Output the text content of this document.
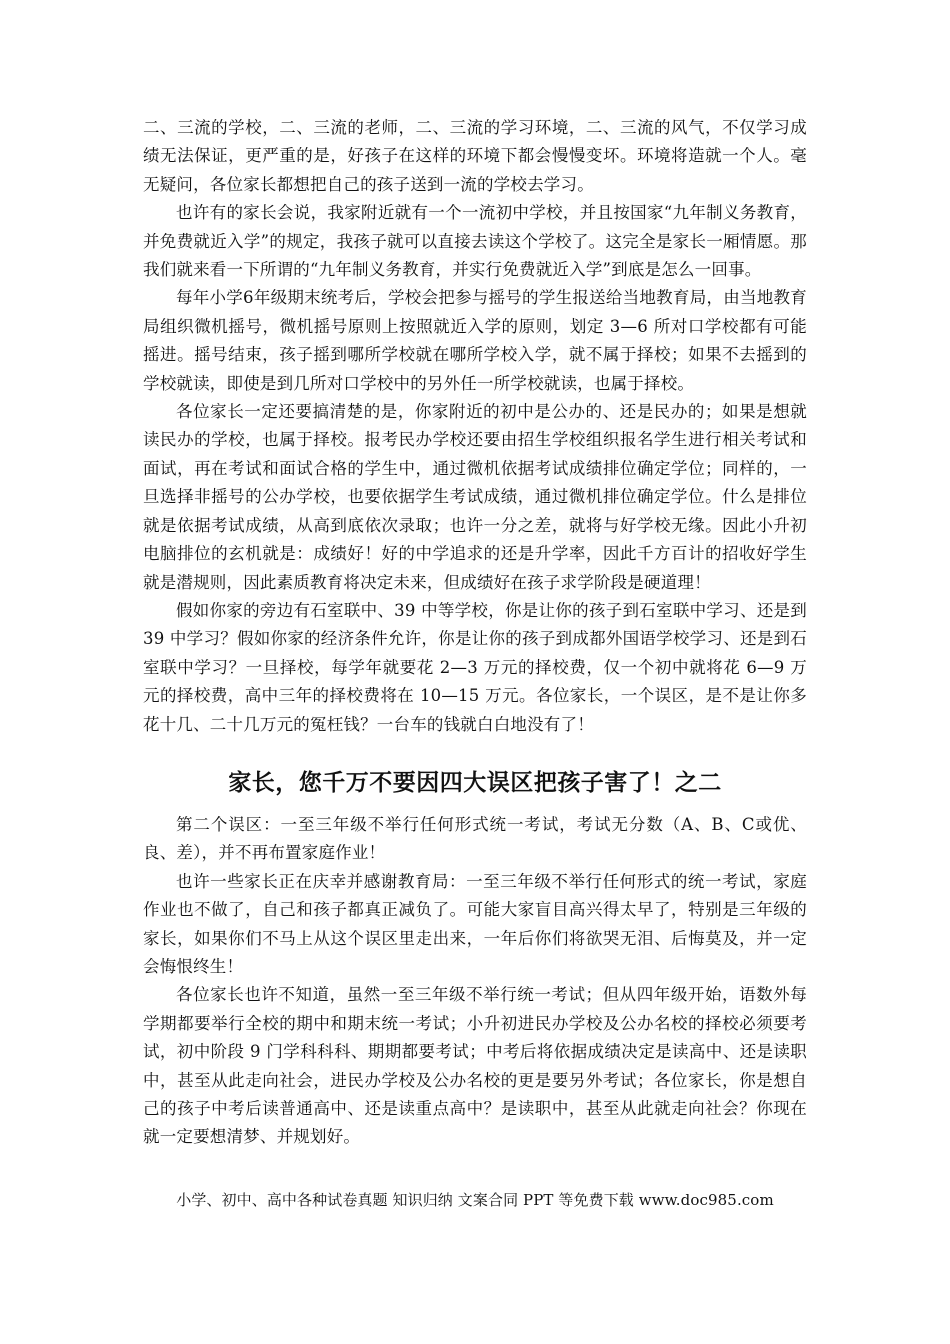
二、三流的学校，二、三流的老师，二、三流的学习环境，二、三流的风气，不仅学习成绩无法保证，更严重的是，好孩子在这样的环境下都会慢慢变坏。环境将造就一个人。毫无疑问，各位家长都想把自己的孩子送到一流的学校去学习。

也许有的家长会说，我家附近就有一个一流初中学校，并且按国家“九年制义务教育，并免费就近入学”的规定，我孩子就可以直接去读这个学校了。这完全是家长一厢情愿。那我们就来看一下所谓的“九年制义务教育，并实行免费就近入学”到底是怎么一回事。

每年小学6年级期末统考后，学校会把参与摇号的学生报送给当地教育局，由当地教育局组织微机摇号，微机摇号原则上按照就近入学的原则，划定 3—6 所对口学校都有可能摇进。摇号结束，孩子摇到哪所学校就在哪所学校入学，就不属于择校；如果不去摇到的学校就读，即使是到几所对口学校中的另外任一所学校就读，也属于择校。

各位家长一定还要搞清楚的是，你家附近的初中是公办的、还是民办的；如果是想就读民办的学校，也属于择校。报考民办学校还要由招生学校组织报名学生进行相关考试和面试，再在考试和面试合格的学生中，通过微机依据考试成绩排位确定学位；同样的，一旦选择非摇号的公办学校，也要依据学生考试成绩，通过微机排位确定学位。什么是排位就是依据考试成绩，从高到底依次录取；也许一分之差，就将与好学校无缘。因此小升初电脑排位的玄机就是：成绩好！好的中学追求的还是升学率，因此千方百计的招收好学生就是潜规则，因此素质教育将决定未来，但成绩好在孩子求学阶段是硬道理！

假如你家的旁边有石室联中、39 中等学校，你是让你的孩子到石室联中学习、还是到39 中学习？假如你家的经济条件允许，你是让你的孩子到成都外国语学校学习、还是到石室联中学习？一旦择校，每学年就要花 2—3 万元的择校费，仅一个初中就将花 6—9 万元的择校费，高中三年的择校费将在 10—15 万元。各位家长，一个误区，是不是让你多花十几、二十几万元的冤枉钱？一台车的钱就白白地没有了！

家长，您千万不要因四大误区把孩子害了！之二

第二个误区：一至三年级不举行任何形式统一考试，考试无分数（A、B、C或优、良、差），并不再布置家庭作业！

也许一些家长正在庆幸并感谢教育局：一至三年级不举行任何形式的统一考试，家庭作业也不做了，自己和孩子都真正减负了。可能大家盲目高兴得太早了，特别是三年级的家长，如果你们不马上从这个误区里走出来，一年后你们将欲哭无泪、后悔莫及，并一定会悔恨终生！

各位家长也许不知道，虽然一至三年级不举行统一考试；但从四年级开始，语数外每学期都要举行全校的期中和期末统一考试；小升初进民办学校及公办名校的择校必须要考试，初中阶段 9 门学科科科、期期都要考试；中考后将依据成绩决定是读高中、还是读职中，甚至从此走向社会，进民办学校及公办名校的更是要另外考试；各位家长，你是想自己的孩子中考后读普通高中、还是读重点高中？是读职中，甚至从此就走向社会？你现在就一定要想清梦、并规划好。

小学、初中、高中各种试卷真题 知识归纳 文案合同 PPT 等免费下载 www.doc985.com
